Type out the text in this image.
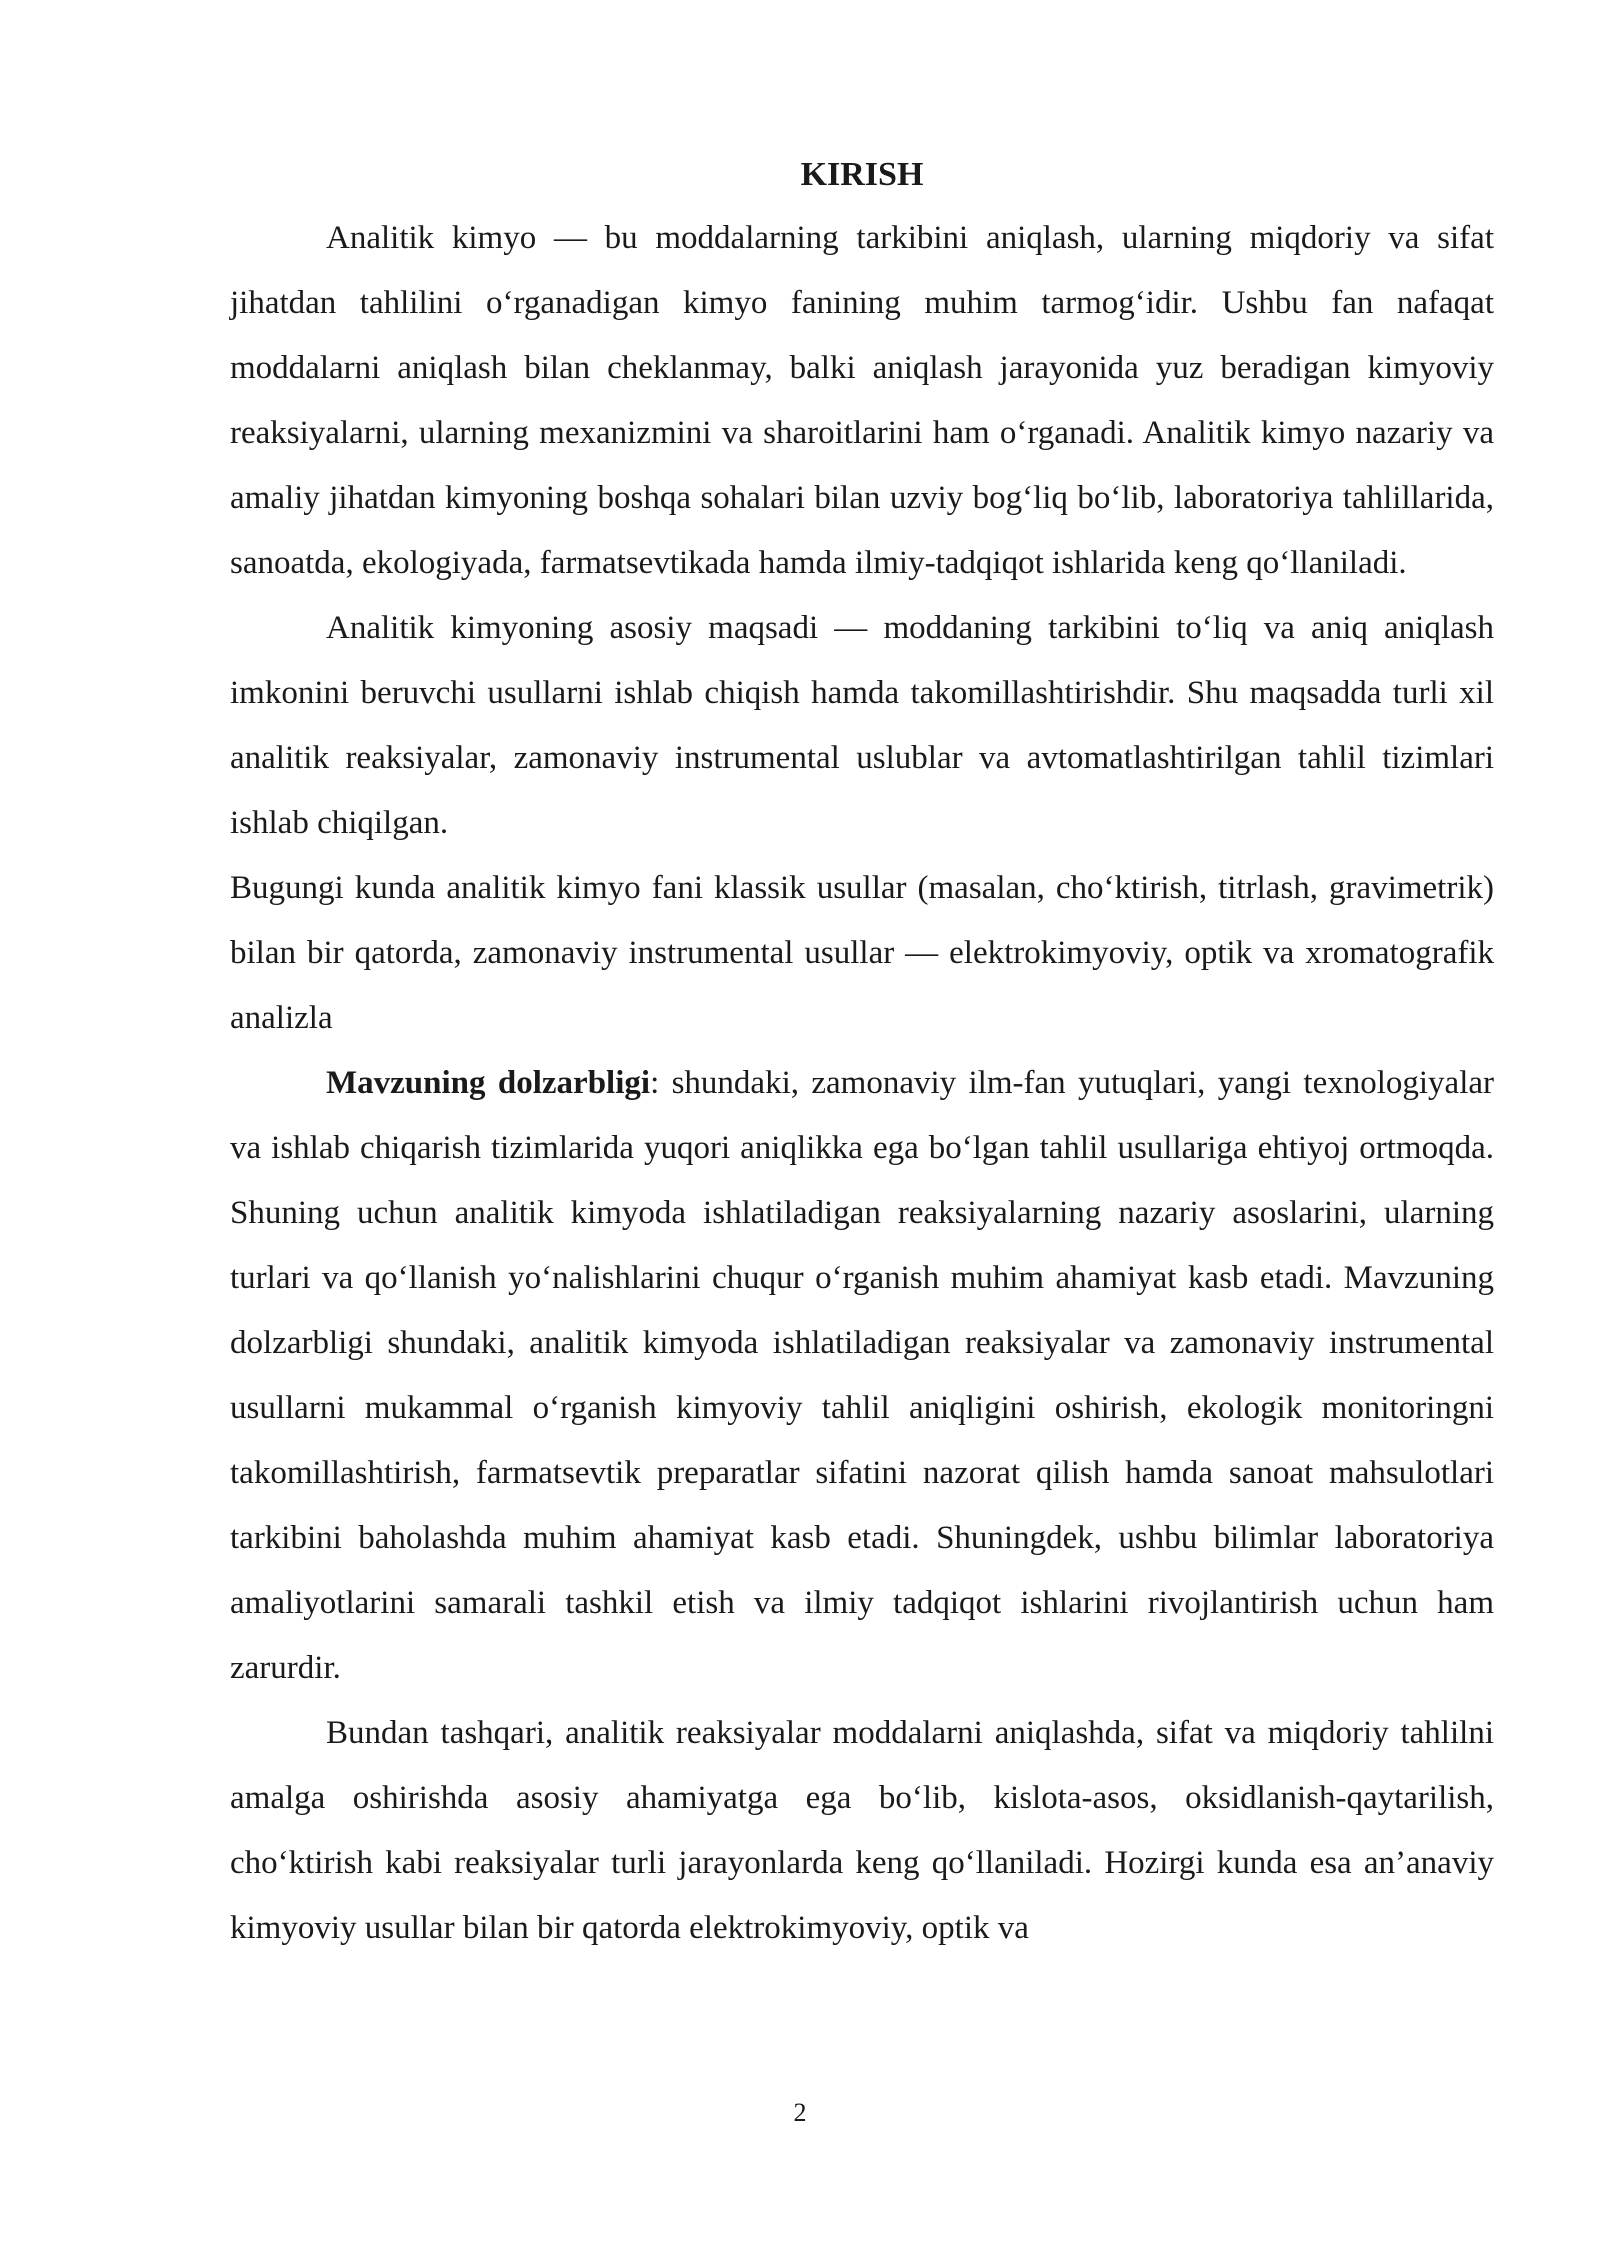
KIRISH

Analitik kimyo — bu moddalarning tarkibini aniqlash, ularning miqdoriy va sifat jihatdan tahlilini o‘rganadigan kimyo fanining muhim tarmog‘idir. Ushbu fan nafaqat moddalarni aniqlash bilan cheklanmay, balki aniqlash jarayonida yuz beradigan kimyoviy reaksiyalarni, ularning mexanizmini va sharoitlarini ham o‘rganadi. Analitik kimyo nazariy va amaliy jihatdan kimyoning boshqa sohalari bilan uzviy bog‘liq bo‘lib, laboratoriya tahlillarida, sanoatda, ekologiyada, farmatsevtikada hamda ilmiy-tadqiqot ishlarida keng qo‘llaniladi.

Analitik kimyoning asosiy maqsadi — moddaning tarkibini to‘liq va aniq aniqlash imkonini beruvchi usullarni ishlab chiqish hamda takomillashtirishdir. Shu maqsadda turli xil analitik reaksiyalar, zamonaviy instrumental uslublar va avtomatlashtirilgan tahlil tizimlari ishlab chiqilgan.

Bugungi kunda analitik kimyo fani klassik usullar (masalan, cho‘ktirish, titrlash, gravimetrik) bilan bir qatorda, zamonaviy instrumental usullar — elektrokimyoviy, optik va xromatografik analizla

Mavzuning dolzarbligi: shundaki, zamonaviy ilm-fan yutuqlari, yangi texnologiyalar va ishlab chiqarish tizimlarida yuqori aniqlikka ega bo‘lgan tahlil usullariga ehtiyoj ortmoqda. Shuning uchun analitik kimyoda ishlatiladigan reaksiyalarning nazariy asoslarini, ularning turlari va qo‘llanish yo‘nalishlarini chuqur o‘rganish muhim ahamiyat kasb etadi. Mavzuning dolzarbligi shundaki, analitik kimyoda ishlatiladigan reaksiyalar va zamonaviy instrumental usullarni mukammal o‘rganish kimyoviy tahlil aniqligini oshirish, ekologik monitoringni takomillashtirish, farmatsevtik preparatlar sifatini nazorat qilish hamda sanoat mahsulotlari tarkibini baholashda muhim ahamiyat kasb etadi. Shuningdek, ushbu bilimlar laboratoriya amaliyotlarini samarali tashkil etish va ilmiy tadqiqot ishlarini rivojlantirish uchun ham zarurdir.

Bundan tashqari, analitik reaksiyalar moddalarni aniqlashda, sifat va miqdoriy tahlilni amalga oshirishda asosiy ahamiyatga ega bo‘lib, kislota-asos, oksidlanish-qaytarilish, cho‘ktirish kabi reaksiyalar turli jarayonlarda keng qo‘llaniladi. Hozirgi kunda esa an’anaviy kimyoviy usullar bilan bir qatorda elektrokimyoviy, optik va

2
